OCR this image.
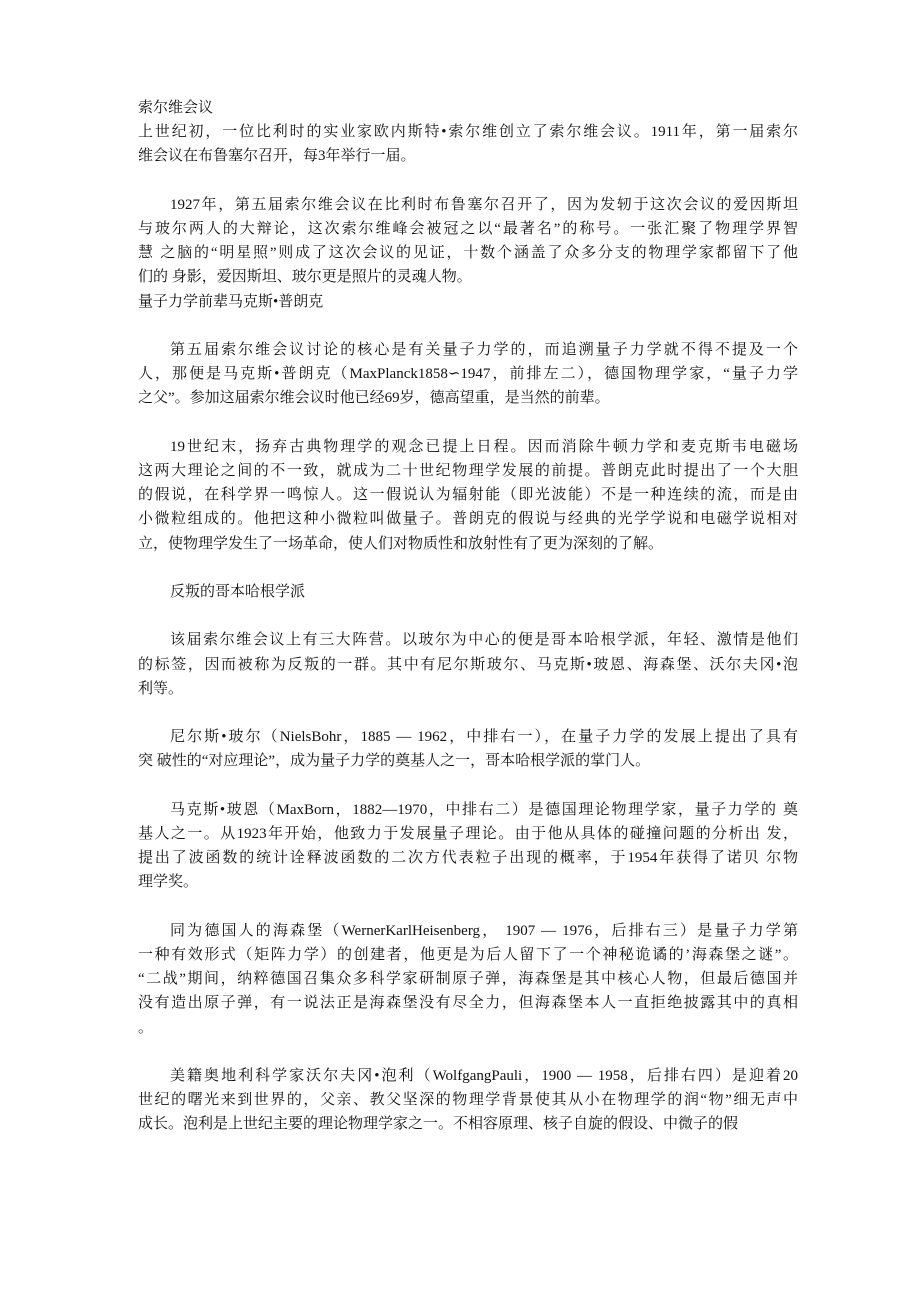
索尔维会议
上世纪初，一位比利时的实业家欧内斯特•索尔维创立了索尔维会议。1911年，第一届索尔
维会议在布鲁塞尔召开，每3年举行一届。
1927年，第五届索尔维会议在比利时布鲁塞尔召开了，因为发轫于这次会议的爱因斯坦
与玻尔两人的大辩论，这次索尔维峰会被冠之以“最著名”的称号。一张汇聚了物理学界智
慧 之脑的“明星照”则成了这次会议的见证，十数个涵盖了众多分支的物理学家都留下了他
们的 身影，爱因斯坦、玻尔更是照片的灵魂人物。
量子力学前辈马克斯•普朗克
第五届索尔维会议讨论的核心是有关量子力学的，而追溯量子力学就不得不提及一个
人，那便是马克斯•普朗克（MaxPlanck1858∽1947，前排左二），德国物理学家，“量子力学
之父”。参加这届索尔维会议时他已经69岁，德高望重，是当然的前辈。
19世纪末，扬弃古典物理学的观念已提上日程。因而消除牛顿力学和麦克斯韦电磁场
这两大理论之间的不一致，就成为二十世纪物理学发展的前提。普朗克此时提出了一个大胆
的假说，在科学界一鸣惊人。这一假说认为辐射能（即光波能）不是一种连续的流，而是由
小微粒组成的。他把这种小微粒叫做量子。普朗克的假说与经典的光学学说和电磁学说相对
立，使物理学发生了一场革命，使人们对物质性和放射性有了更为深刻的了解。
反叛的哥本哈根学派
该届索尔维会议上有三大阵营。以玻尔为中心的便是哥本哈根学派，年轻、激情是他们
的标签，因而被称为反叛的一群。其中有尼尔斯玻尔、马克斯•玻恩、海森堡、沃尔夫冈•泡
利等。
尼尔斯•玻尔（NielsBohr，1885 — 1962，中排右一），在量子力学的发展上提出了具有
突 破性的“对应理论”，成为量子力学的奠基人之一，哥本哈根学派的掌门人。
马克斯•玻恩（MaxBorn，1882—1970，中排右二）是德国理论物理学家，量子力学的 奠
基人之一。从1923年开始，他致力于发展量子理论。由于他从具体的碰撞问题的分析出 发，
提出了波函数的统计诠释波函数的二次方代表粒子出现的概率，于1954年获得了诺贝 尔物
理学奖。
同为德国人的海森堡（WernerKarlHeisenberg， 1907 — 1976，后排右三）是量子力学第
一种有效形式（矩阵力学）的创建者，他更是为后人留下了一个神秘诡谲的’海森堡之谜”。
“二战”期间，纳粹德国召集众多科学家研制原子弹，海森堡是其中核心人物，但最后德国并
没有造出原子弹，有一说法正是海森堡没有尽全力，但海森堡本人一直拒绝披露其中的真相
。
美籍奥地利科学家沃尔夫冈•泡利（WolfgangPauli，1900 — 1958，后排右四）是迎着20
世纪的曙光来到世界的，父亲、教父坚深的物理学背景使其从小在物理学的润“物”细无声中
成长。泡利是上世纪主要的理论物理学家之一。不相容原理、核子自旋的假设、中微子的假
